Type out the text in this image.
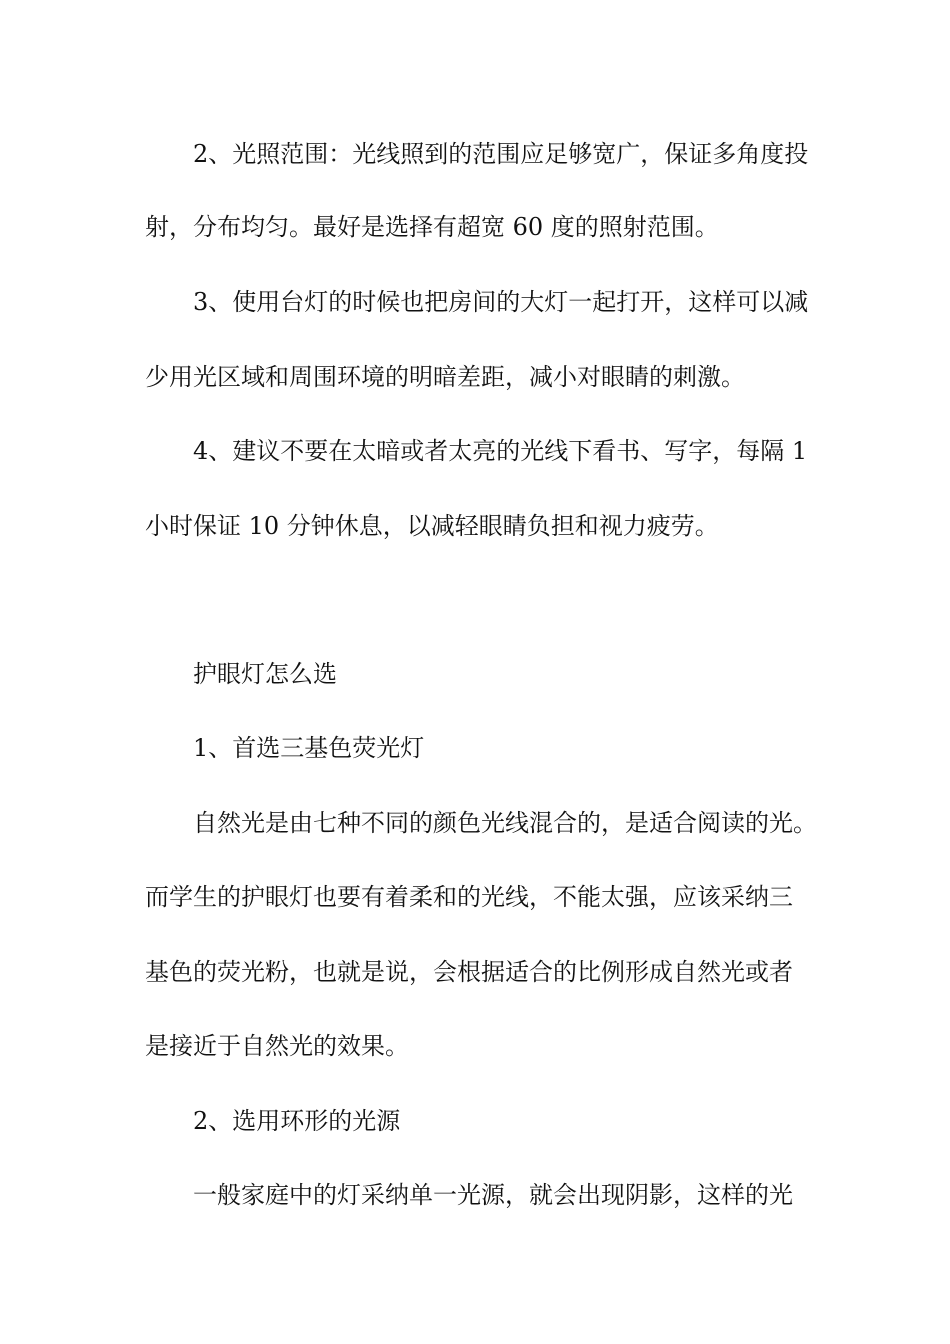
2、光照范围：光线照到的范围应足够宽广，保证多角度投
射，分布均匀。最好是选择有超宽 60 度的照射范围。
3、使用台灯的时候也把房间的大灯一起打开，这样可以减
少用光区域和周围环境的明暗差距，减小对眼睛的刺激。
4、建议不要在太暗或者太亮的光线下看书、写字，每隔 1
小时保证 10 分钟休息，以减轻眼睛负担和视力疲劳。
护眼灯怎么选
1、首选三基色荧光灯
自然光是由七种不同的颜色光线混合的，是适合阅读的光。
而学生的护眼灯也要有着柔和的光线，不能太强，应该采纳三
基色的荧光粉，也就是说，会根据适合的比例形成自然光或者
是接近于自然光的效果。
2、选用环形的光源
一般家庭中的灯采纳单一光源，就会出现阴影，这样的光
